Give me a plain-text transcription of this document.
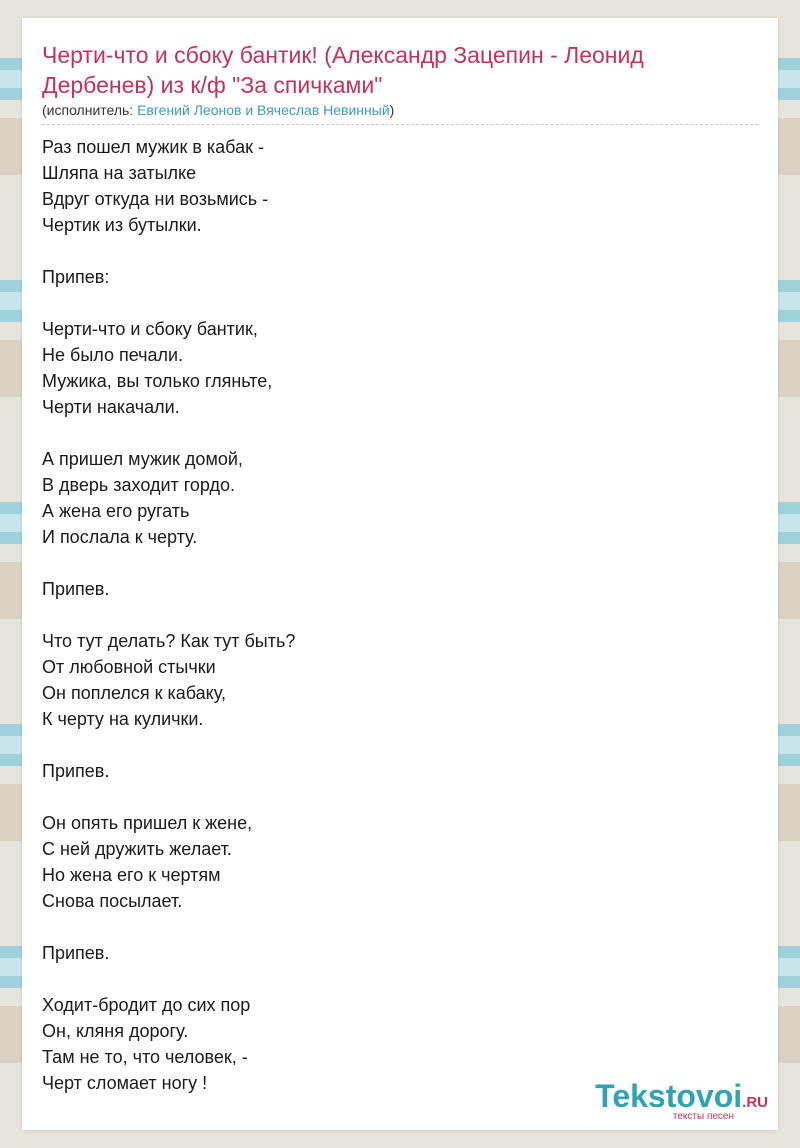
Черти-что и сбоку бантик! (Александр Зацепин - Леонид Дербенев) из к/ф "За спичками"
(исполнитель: Евгений Леонов и Вячеслав Невинный)
Раз пошел мужик в кабак -
Шляпа на затылке
Вдруг откуда ни возьмись -
Чертик из бутылки.
Припев:
Черти-что и сбоку бантик,
Не было печали.
Мужика, вы только гляньте,
Черти накачали.
А пришел мужик домой,
В дверь заходит гордо.
А жена его ругать
И послала к черту.
Припев.
Что тут делать? Как тут быть?
От любовной стычки
Он поплелся к кабаку,
К черту на кулички.
Припев.
Он опять пришел к жене,
С ней дружить желает.
Но жена его к чертям
Снова посылает.
Припев.
Ходит-бродит до сих пор
Он, кляня дорогу.
Там не то, что человек, -
Черт сломает ногу !	Tekstovoi.RU
тексты песен
